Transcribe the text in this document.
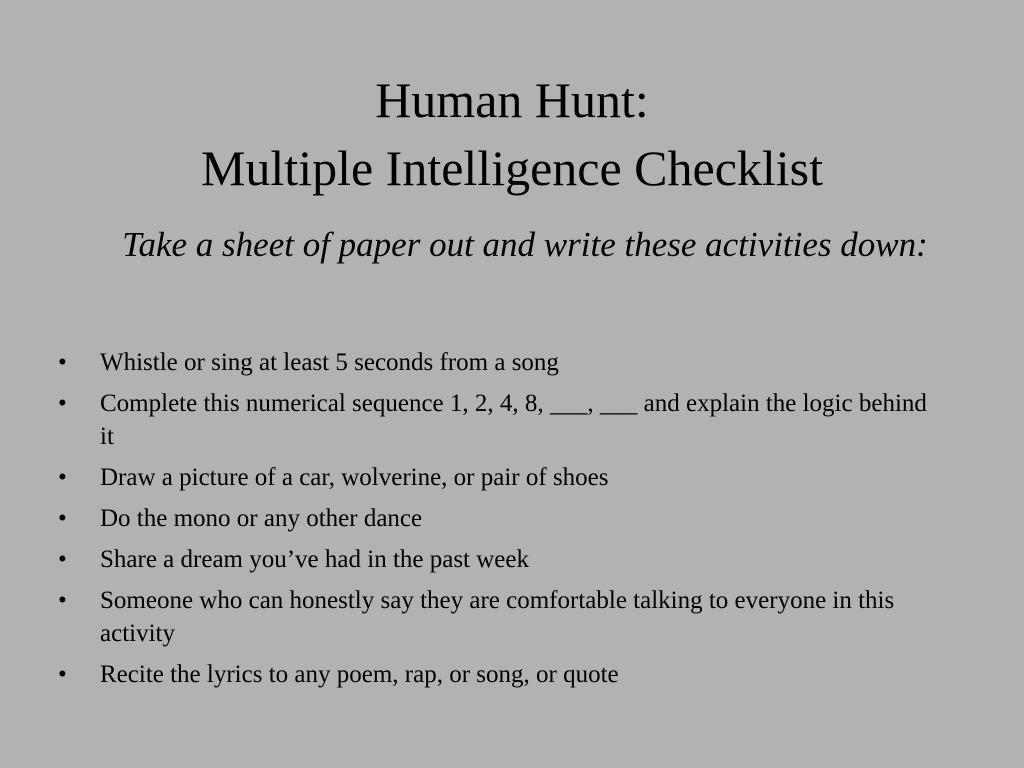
Human Hunt:
Multiple Intelligence Checklist
Take a sheet of paper out and write these activities down:
• Whistle or sing at least 5 seconds from a song
• Complete this numerical sequence 1, 2, 4, 8, ___, ___ and explain the logic behind it
• Draw a picture of a car, wolverine, or pair of shoes
• Do the mono or any other dance
• Share a dream you’ve had in the past week
• Someone who can honestly say they are comfortable talking to everyone in this activity
• Recite the lyrics to any poem, rap, or song, or quote
